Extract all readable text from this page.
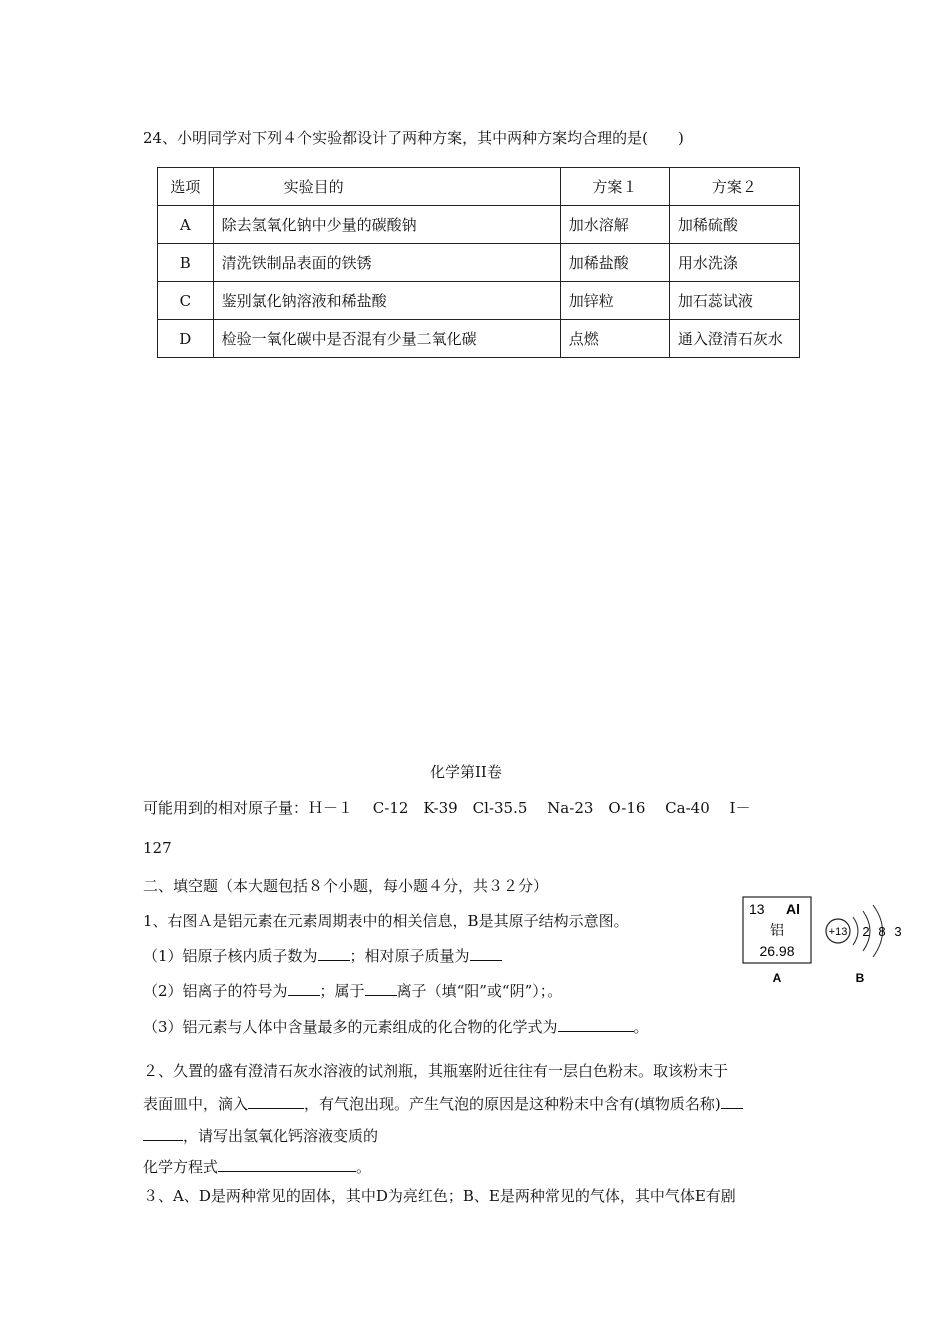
24、小明同学对下列４个实验都设计了两种方案，其中两种方案均合理的是(　　)
选项	实验目的	方案１	方案２
A	除去氢氧化钠中少量的碳酸钠	加水溶解	加稀硫酸
B	清洗铁制品表面的铁锈	加稀盐酸	用水洗涤
C	鉴别氯化钠溶液和稀盐酸	加锌粒	加石蕊试液
D	检验一氧化碳中是否混有少量二氧化碳	点燃	通入澄清石灰水
化学第II卷
可能用到的相对原子量：Ｈ－１　 C-12　K-39　Cl-35.5　 Na-23　O-16　 Ca-40　 I－
127
二、填空题（本大题包括８个小题，每小题４分，共３２分）
1、右图Ａ是铝元素在元素周期表中的相关信息，B是其原子结构示意图。
（1）铝原子核内质子数为 ；相对原子质量为
（2）铝离子的符号为 ；属于 离子（填“阳”或“阴”）；。
（3）铝元素与人体中含量最多的元素组成的化合物的化学式为	。
13 Al
铝
26.98
A
+13 2 8 3
B
２、久置的盛有澄清石灰水溶液的试剂瓶，其瓶塞附近往往有一层白色粉末。取该粉末于
表面皿中，滴入	，有气泡出现。产生气泡的原因是这种粉末中含有(填物质名称)
，请写出氢氧化钙溶液变质的
化学方程式	。
３、A、D是两种常见的固体，其中D为亮红色；B、E是两种常见的气体，其中气体E有剧
